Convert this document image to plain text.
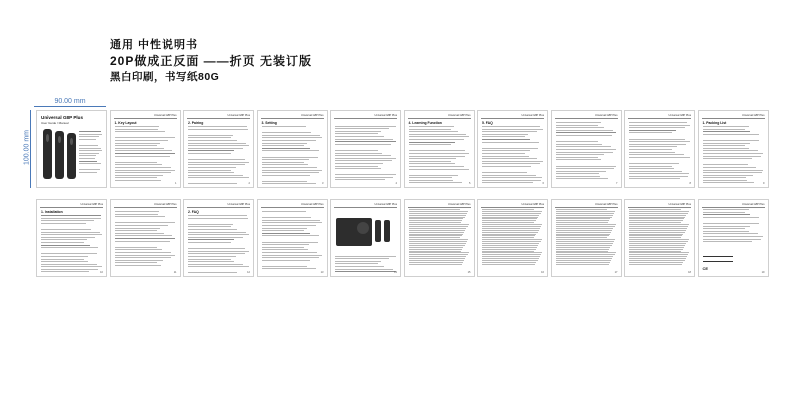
通用 中性说明书
20P做成正反面 ——折页 无装订版
黑白印刷，书写纸80G
90.00 mm
100.00 mm
Universal G8P Plus
User Guide / Manual
Universal G8P Plus
1. Key Layout
1
Universal G8P Plus
2. Pairing
2
Universal G8P Plus
3. Setting
3
Universal G8P Plus
4
Universal G8P Plus
4. Learning Function
5
Universal G8P Plus
5. FAQ
6
Universal G8P Plus
7
Universal G8P Plus
8
Universal G8P Plus
1. Packing List
9
Universal G8P Plus
1. Installation
10
Universal G8P Plus
11
Universal G8P Plus
2. FAQ
12
Universal G8P Plus
13
Universal G8P Plus
14
Universal G8P Plus
15
Universal G8P Plus
16
Universal G8P Plus
17
Universal G8P Plus
18
Universal G8P Plus
CE
19
